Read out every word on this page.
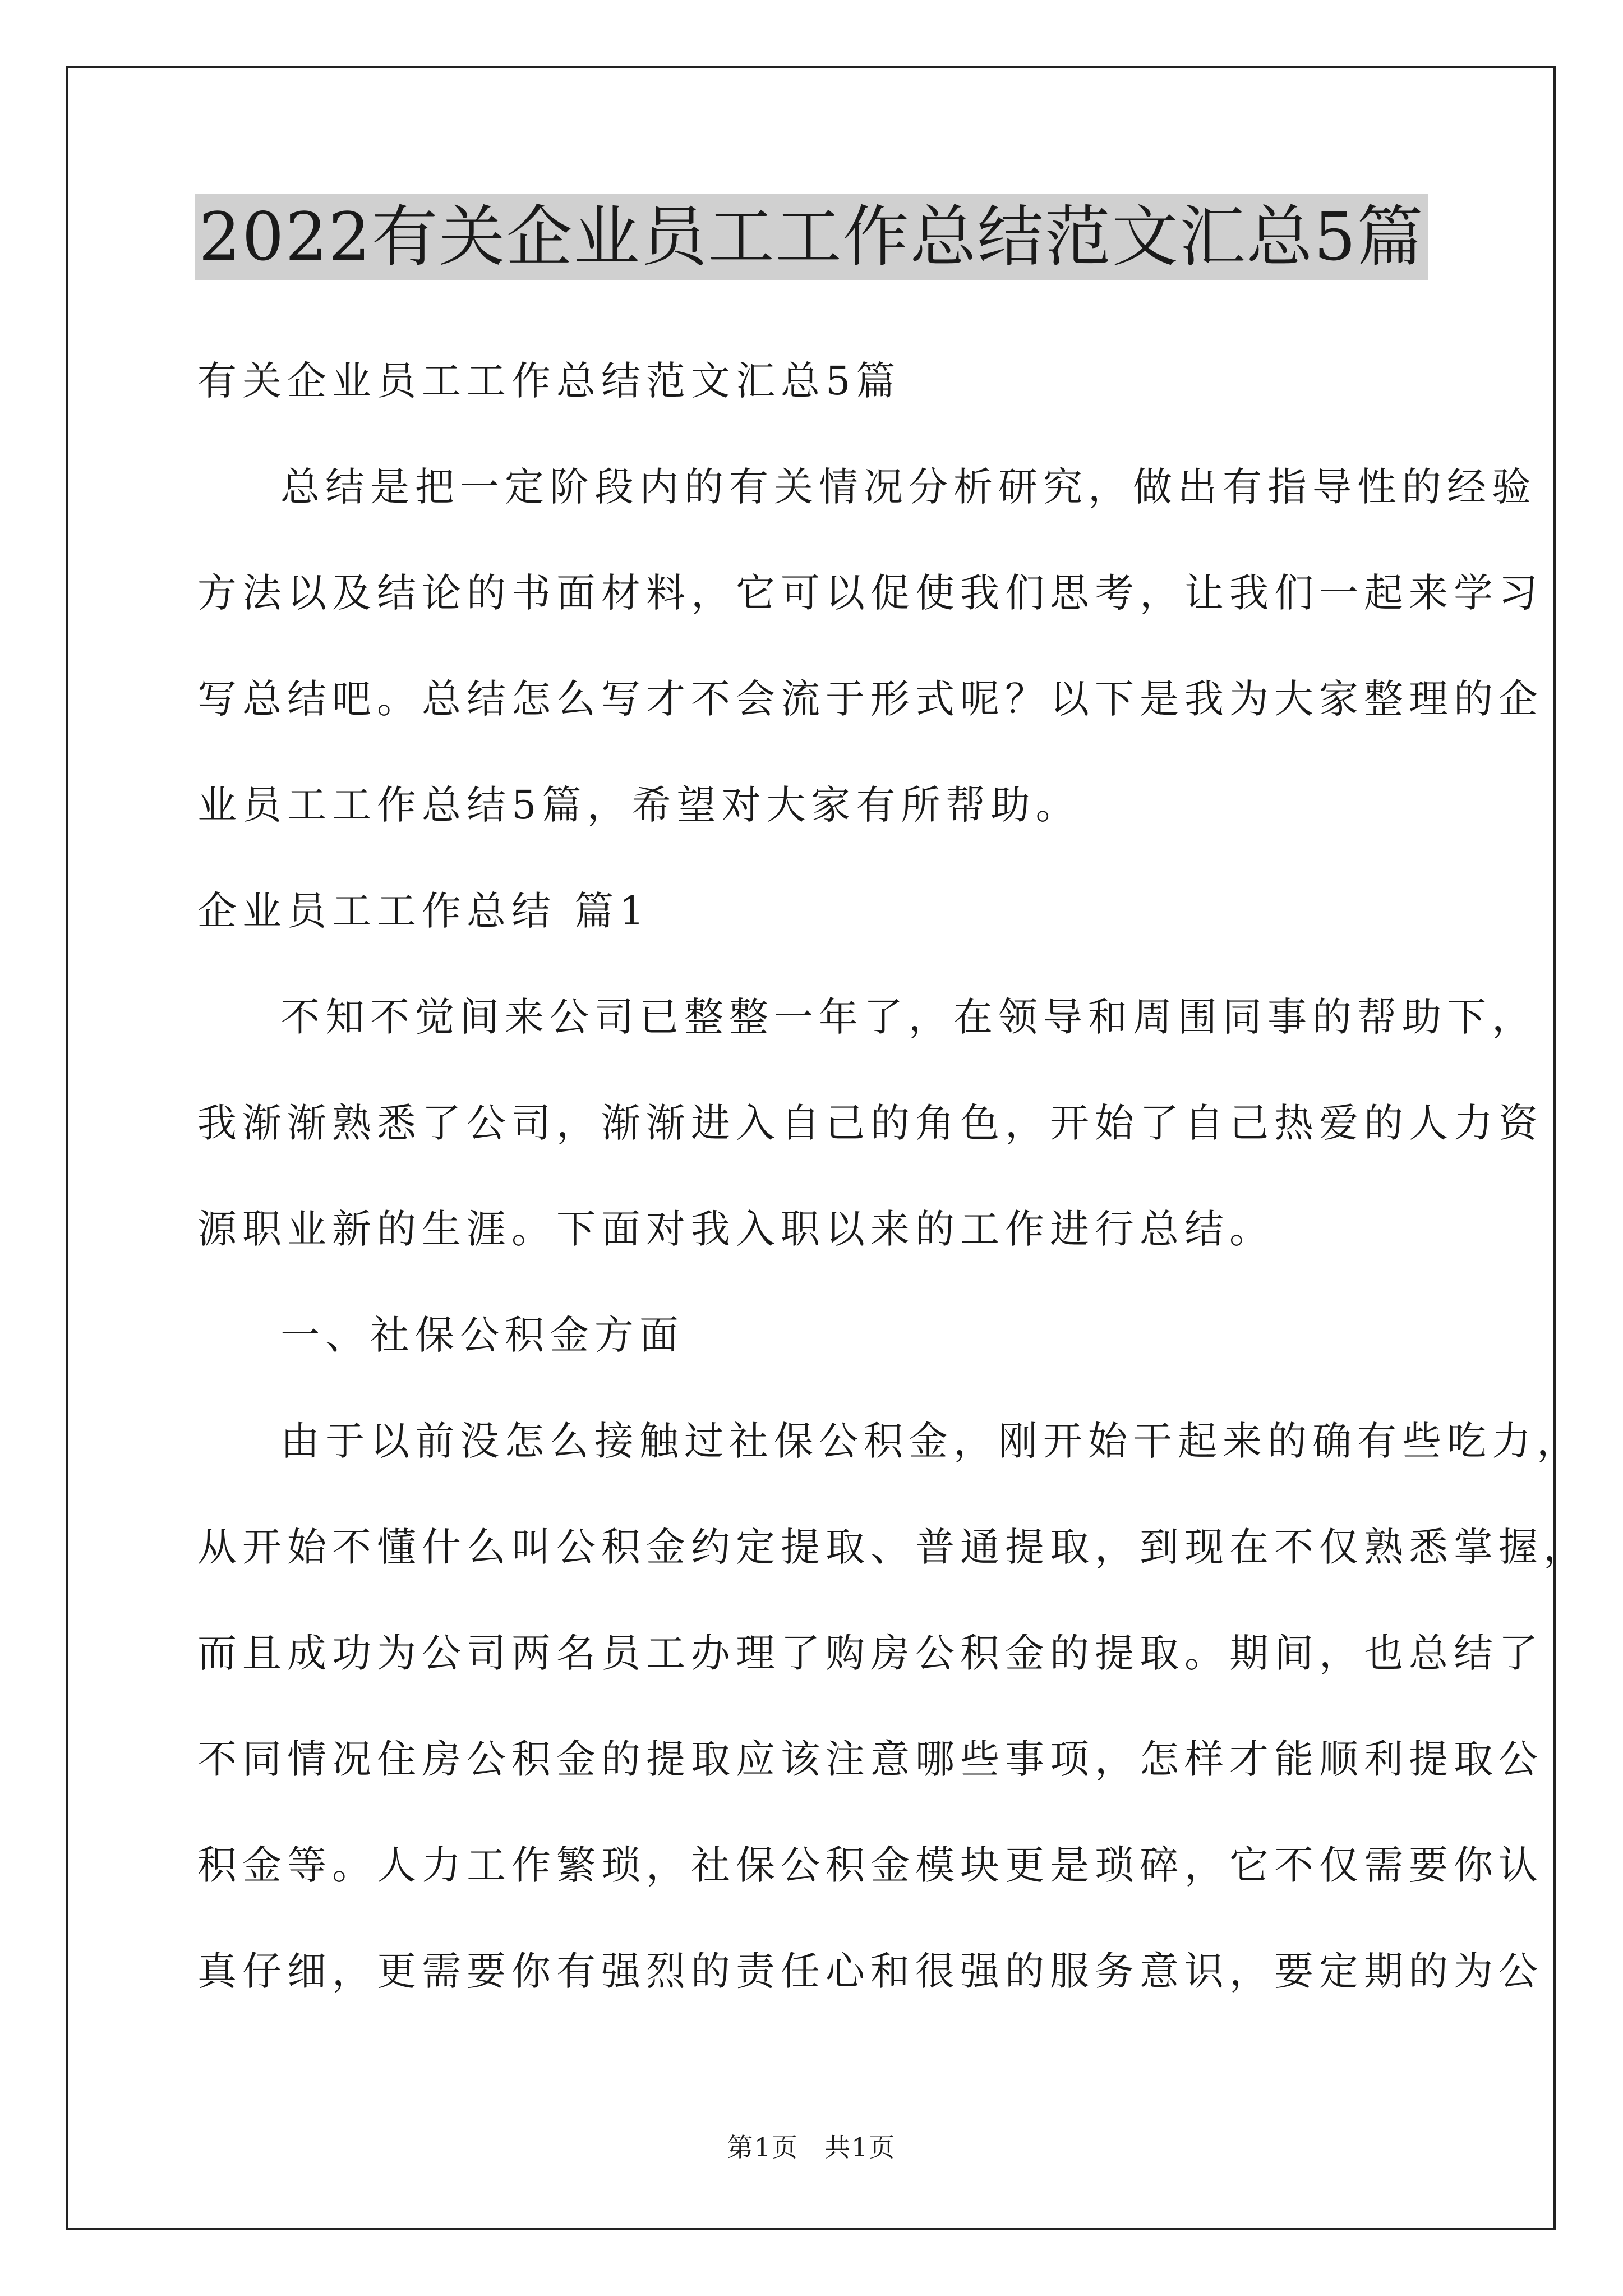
2022有关企业员工工作总结范文汇总5篇
有关企业员工工作总结范文汇总5篇
总结是把一定阶段内的有关情况分析研究，做出有指导性的经验
方法以及结论的书面材料，它可以促使我们思考，让我们一起来学习
写总结吧。总结怎么写才不会流于形式呢？以下是我为大家整理的企
业员工工作总结5篇，希望对大家有所帮助。
企业员工工作总结 篇1
不知不觉间来公司已整整一年了，在领导和周围同事的帮助下，
我渐渐熟悉了公司，渐渐进入自己的角色，开始了自己热爱的人力资
源职业新的生涯。下面对我入职以来的工作进行总结。
一、社保公积金方面
由于以前没怎么接触过社保公积金，刚开始干起来的确有些吃力，
从开始不懂什么叫公积金约定提取、普通提取，到现在不仅熟悉掌握，
而且成功为公司两名员工办理了购房公积金的提取。期间，也总结了
不同情况住房公积金的提取应该注意哪些事项，怎样才能顺利提取公
积金等。人力工作繁琐，社保公积金模块更是琐碎，它不仅需要你认
真仔细，更需要你有强烈的责任心和很强的服务意识，要定期的为公
第1页 共1页
